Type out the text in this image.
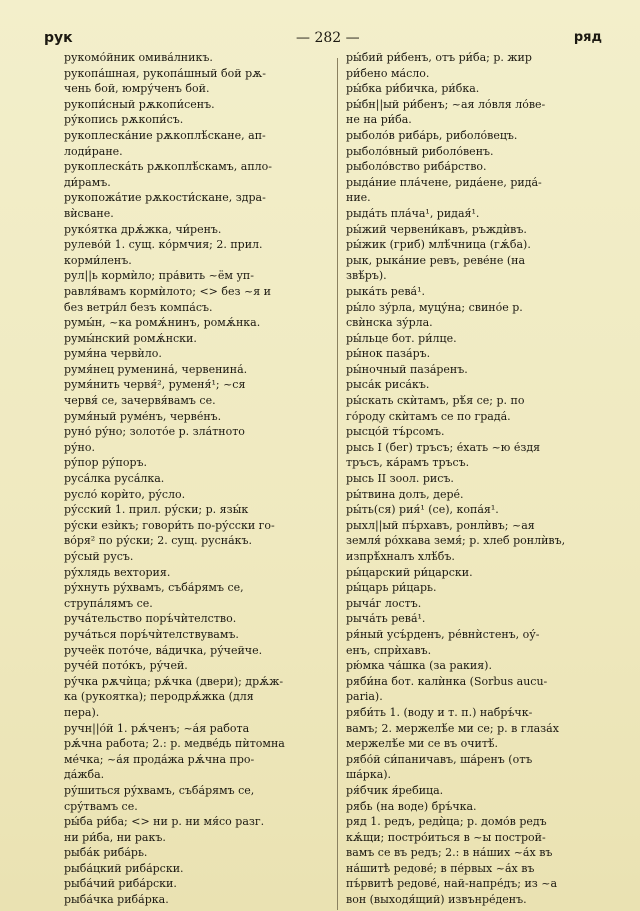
рук	— 282 —	ряд
рукомо́йник омива́лникъ.
рукопа́шная, рукопа́шный бой рѫ-
чень бой, юмру́ченъ бой.
рукопи́сный рѫкопи́сенъ.
ру́копись рѫкопи́съ.
рукоплеска́ние рѫкоплѣ́скане, ап-
лоди́ране.
рукоплеска́ть рѫкоплѣ́скамъ, апло-
ди́рамъ.
рукопожа́тие рѫкости́скане, здра-
вѝсване.
руко́ятка дрѫ́жка, чи́ренъ.
рулево́й 1. сущ. ко́рмчия; 2. прил.
корми́ленъ.
рул||ь кормѝло; пра́вить ~ём уп-
равля́вамъ кормѝлото; <> без ~я и
без ветри́л безъ компа́съ.
румы́н, ~ка ромѫ́нинъ, ромѫ́нка.
румы́нский ромѫ́нски.
румя́на червѝло.
румя́нец руменина́, червенина́.
румя́нить червя́², руменя́¹; ~ся
червя́ се, зачервя́вамъ се.
румя́ный руме́нъ, черве́нъ.
руно́ ру́но; золото́е р. зла́тното
ру́но.
ру́пор ру́поръ.
руса́лка руса́лка.
русло́ корѝто, ру́сло.
ру́сский 1. прил. ру́ски; р. язы́к
ру́ски езѝкъ; говори́ть по-ру́сски го-
во́ря² по ру́ски; 2. сущ. русна́къ.
ру́сый русъ.
ру́хлядь вехтория.
ру́хнуть ру́хвамъ, съба́рямъ се,
струпа́лямъ се.
руча́тельство поръ́чѝтелство.
руча́ться поръ́чѝтелствувамъ.
ручеёк пото́че, ва́дичка, ру́чейче.
руче́й пото́къ, ру́чей.
ру́чка рѫчѝца; рѫ́чка (двери); дрѫ́ж-
ка (рукоятка); перодрѫ́жка (для
пера).
ручн||о́й 1. рѫ́ченъ; ~а́я работа
рѫ́чна работа; 2.: р. медве́дь пѝтомна
ме́чка; ~а́я прода́жа рѫ́чна про-
да́жба.
ру́шиться ру́хвамъ, съба́рямъ се,
сру́твамъ се.
ры́ба ри́ба; <> ни р. ни мя́со разг.
ни ри́ба, ни ракъ.
рыба́к риба́рь.
рыба́цкий риба́рски.
рыба́чий риба́рски.
рыба́чка риба́рка.
ры́бий ри́бенъ, отъ ри́ба; р. жир
ри́бено ма́сло.
ры́бка ри́бичка, ри́бка.
ры́бн||ый ри́бенъ; ~ая ло́вля ло́ве-
не на ри́ба.
рыболо́в риба́рь, риболо́вецъ.
рыболо́вный риболо́венъ.
рыболо́вство риба́рство.
рыда́ние пла́чене, рида́ене, рида́-
ние.
рыда́ть пла́ча¹, ридая́¹.
ры́жий червени́кавъ, ръждѝвъ.
ры́жик (гриб) млѣ́чница (гѫ́ба).
рык, рыка́ние ревъ, реве́не (на
звѣ́ръ).
рыка́ть рева́¹.
ры́ло зу́рла, муцу́на; свино́е р.
свѝнска зу́рла.
ры́льце бот. ри́лце.
ры́нок паза́ръ.
ры́ночный паза́ренъ.
рыса́к риса́къ.
ры́скать скѝтамъ, рѣ́я се; р. по
го́роду скѝтамъ се по града́.
рысцо́й тъ́рсомъ.
рысь I (бег) тръсъ; е́хать ~ю е́здя
тръсъ, ка́рамъ тръсъ.
рысь II зоол. рисъ.
ры́твина долъ, дере́.
ры́ть(ся) рия́¹ (се), копа́я¹.
рыхл||ый пъ́рхавъ, ронлѝвъ; ~ая
земля́ ро́хкава земя́; р. хлеб ронлѝвъ,
изпрѣ́хналъ хлѣ́бъ.
ры́царский ри́царски.
ры́царь ри́царь.
рыча́г лостъ.
рыча́ть рева́¹.
ря́ный усъ́рденъ, ре́внѝстенъ, оу́-
енъ, спрѝхавъ.
рю́мка ча́шка (за ракия).
ряби́на бот. калѝнка (Sorbus aucu-
paria).
ряби́ть 1. (воду и т. п.) набръ́чк-
вамъ; 2. мержелѣ́е ми се; р. в глаза́х
мержелѣ́е ми се въ очитѣ́.
рябо́й си́паничавъ, ша́ренъ (отъ
ша́рка).
ря́бчик я́ребица.
рябь (на воде) бръ́чка.
ряд 1. редъ, редѝца; р. домо́в редъ
кѫ́щи; постро́иться в ~ы построй-
вамъ се въ редъ; 2.: в на́ших ~а́х въ
на́шитѣ редове́; в пе́рвых ~а́х въ
пъ́рвитѣ редове́, най-напре́дъ; из ~а
вон (выходя́щий) извънре́денъ.
